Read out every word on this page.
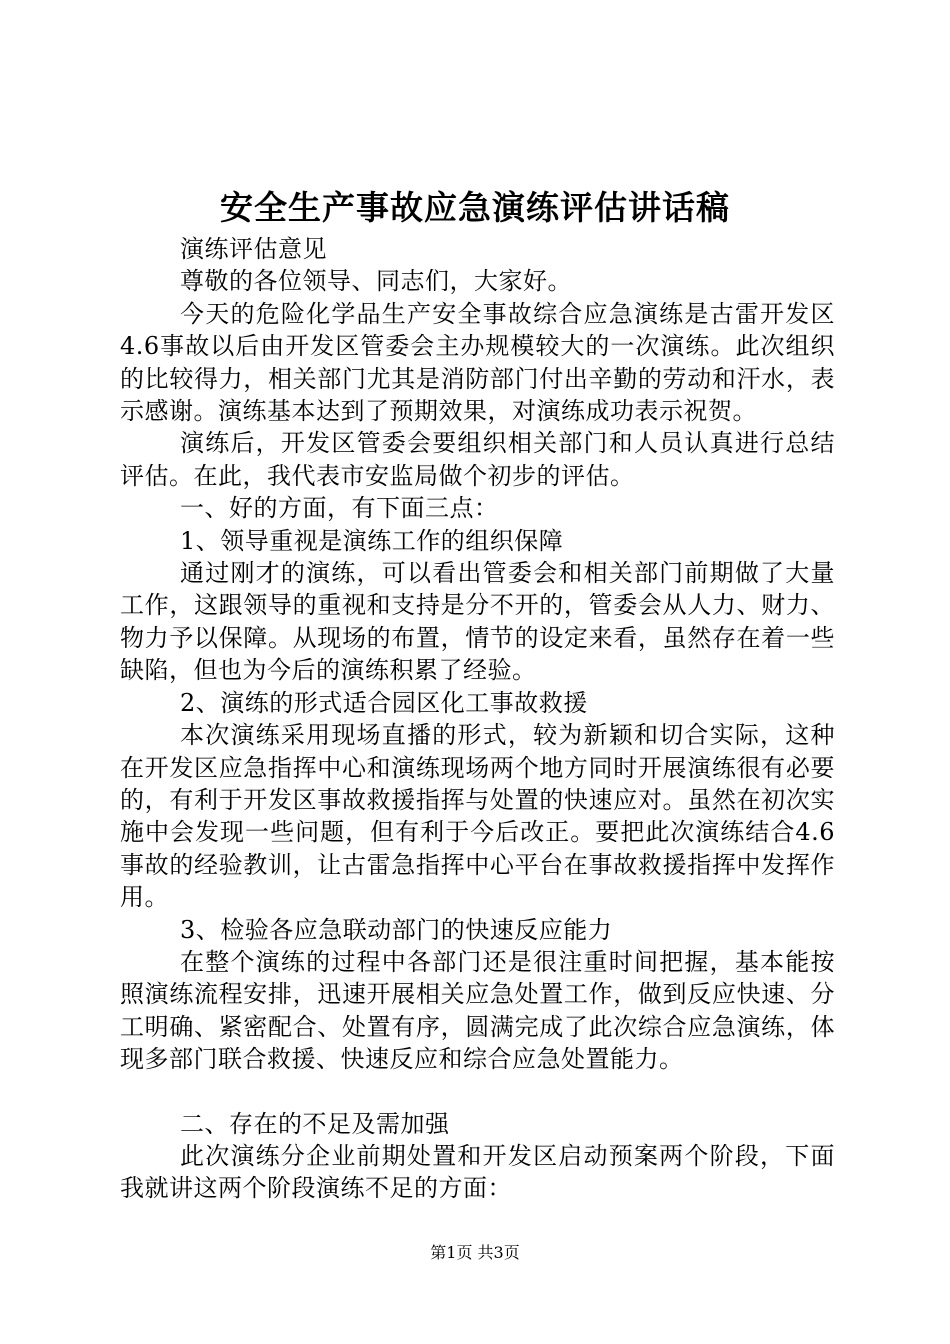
安全生产事故应急演练评估讲话稿

演练评估意见

尊敬的各位领导、同志们，大家好。

今天的危险化学品生产安全事故综合应急演练是古雷开发区4.6事故以后由开发区管委会主办规模较大的一次演练。此次组织的比较得力，相关部门尤其是消防部门付出辛勤的劳动和汗水，表示感谢。演练基本达到了预期效果，对演练成功表示祝贺。

演练后，开发区管委会要组织相关部门和人员认真进行总结评估。在此，我代表市安监局做个初步的评估。

一、好的方面，有下面三点：

1、领导重视是演练工作的组织保障

通过刚才的演练，可以看出管委会和相关部门前期做了大量工作，这跟领导的重视和支持是分不开的，管委会从人力、财力、物力予以保障。从现场的布置，情节的设定来看，虽然存在着一些缺陷，但也为今后的演练积累了经验。

2、演练的形式适合园区化工事故救援

本次演练采用现场直播的形式，较为新颖和切合实际，这种在开发区应急指挥中心和演练现场两个地方同时开展演练很有必要的，有利于开发区事故救援指挥与处置的快速应对。虽然在初次实施中会发现一些问题，但有利于今后改正。要把此次演练结合4.6事故的经验教训，让古雷急指挥中心平台在事故救援指挥中发挥作用。

3、检验各应急联动部门的快速反应能力

在整个演练的过程中各部门还是很注重时间把握，基本能按照演练流程安排，迅速开展相关应急处置工作，做到反应快速、分工明确、紧密配合、处置有序，圆满完成了此次综合应急演练，体现多部门联合救援、快速反应和综合应急处置能力。

二、存在的不足及需加强

此次演练分企业前期处置和开发区启动预案两个阶段，下面我就讲这两个阶段演练不足的方面：

第1页 共3页
